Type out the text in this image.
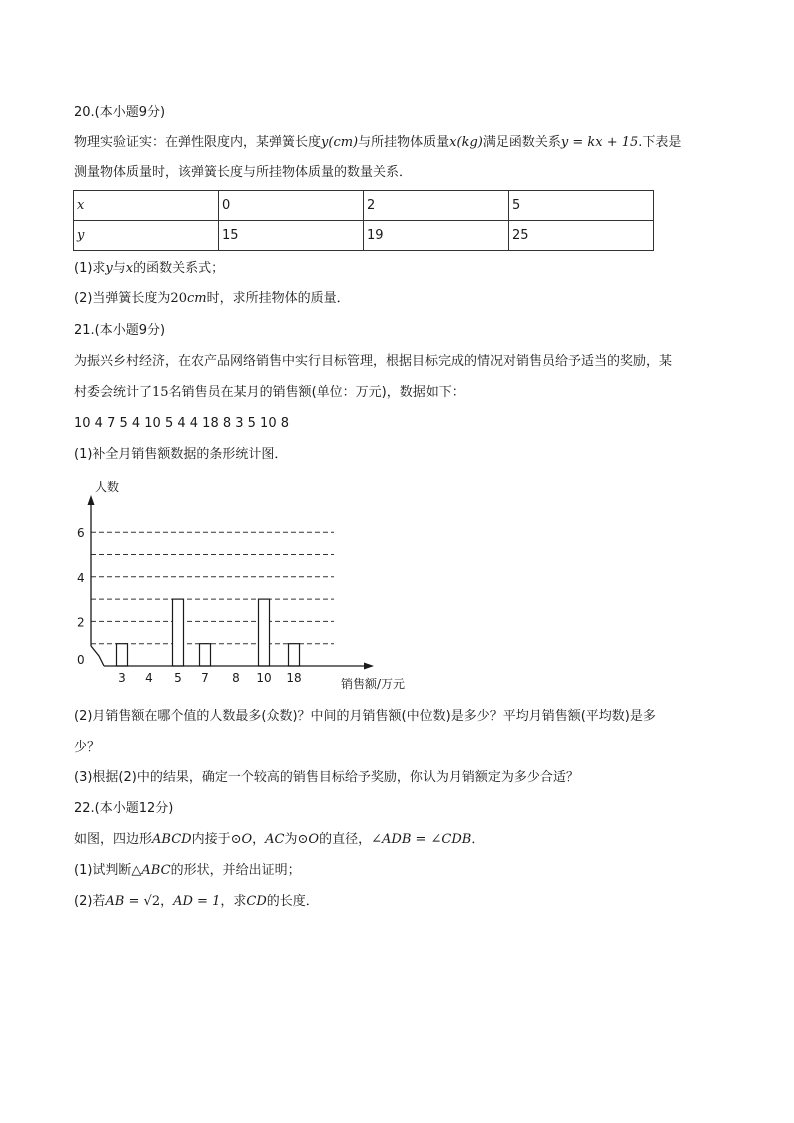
20.(本小题9分)
物理实验证实：在弹性限度内，某弹簧长度y(cm)与所挂物体质量x(kg)满足函数关系y = kx + 15.下表是
测量物体质量时，该弹簧长度与所挂物体质量的数量关系．
x	0	2	5
y	15	19	25
(1)求y与x的函数关系式；
(2)当弹簧长度为20cm时，求所挂物体的质量．
21.(本小题9分)
为振兴乡村经济，在农产品网络销售中实行目标管理，根据目标完成的情况对销售员给予适当的奖励，某
村委会统计了15名销售员在某月的销售额(单位：万元)，数据如下：
10 4 7 5 4 10 5 4 4 18 8 3 5 10 8
(1)补全月销售额数据的条形统计图．
人数
销售额/万元
0
2
4
6
3 4 5 7 8 10 18
(2)月销售额在哪个值的人数最多(众数)？中间的月销售额(中位数)是多少？平均月销售额(平均数)是多
少？
(3)根据(2)中的结果，确定一个较高的销售目标给予奖励，你认为月销额定为多少合适？
22.(本小题12分)
如图，四边形ABCD内接于⊙O，AC为⊙O的直径，∠ADB = ∠CDB．
(1)试判断△ABC的形状，并给出证明；
(2)若AB = √2，AD = 1，求CD的长度．
